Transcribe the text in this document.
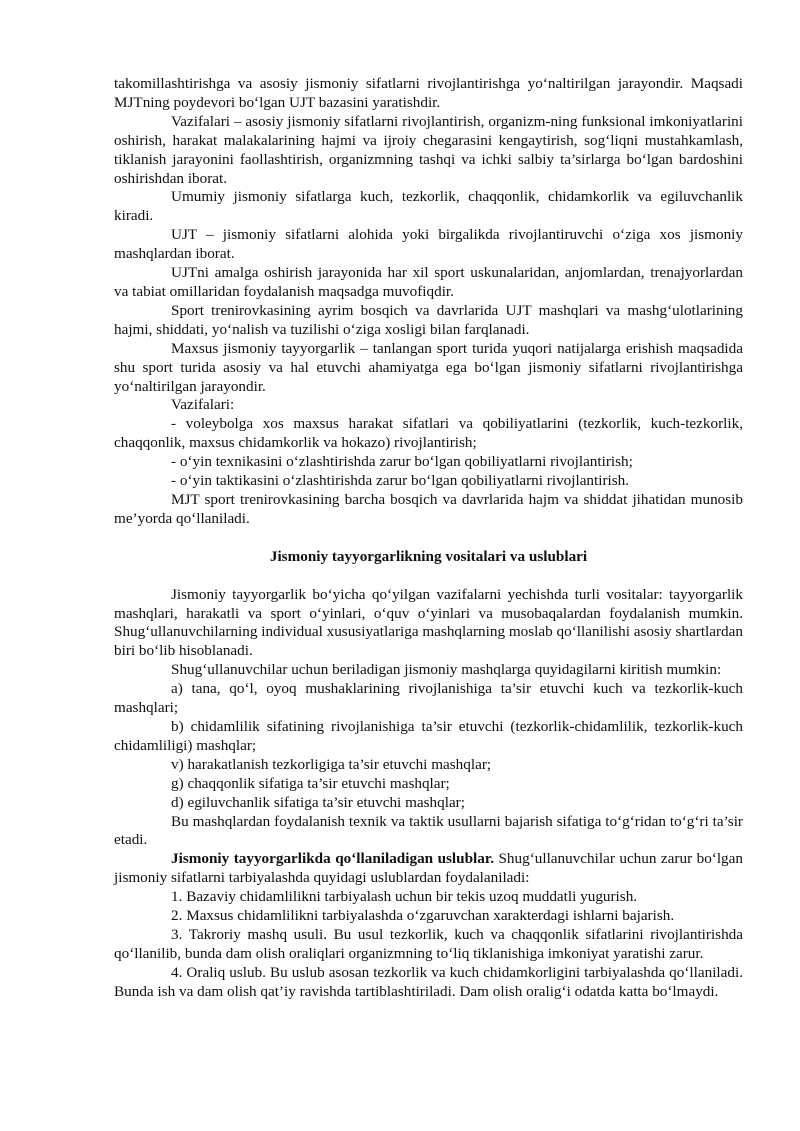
takomillashtirishga va asosiy jismoniy sifatlarni rivojlantirishga yo‘naltirilgan jarayondir. Maqsadi MJTning poydevori bo‘lgan UJT bazasini yaratishdir.

Vazifalari – asosiy jismoniy sifatlarni rivojlantirish, organizm-ning funksional imkoniyatlarini oshirish, harakat malakalarining hajmi va ijroiy chegarasini kengaytirish, sog‘liqni mustahkamlash, tiklanish jarayonini faollashtirish, organizmning tashqi va ichki salbiy ta’sirlarga bo‘lgan bardoshini oshirishdan iborat.

Umumiy jismoniy sifatlarga kuch, tezkorlik, chaqqonlik, chidamkorlik va egiluvchanlik kiradi.

UJT – jismoniy sifatlarni alohida yoki birgalikda rivojlantiruvchi o‘ziga xos jismoniy mashqlardan iborat.

UJTni amalga oshirish jarayonida har xil sport uskunalaridan, anjomlardan, trenajyorlardan va tabiat omillaridan foydalanish maqsadga muvofiqdir.

Sport trenirovkasining ayrim bosqich va davrlarida UJT mashqlari va mashg‘ulotlarining hajmi, shiddati, yo‘nalish va tuzilishi o‘ziga xosligi bilan farqlanadi.

Maxsus jismoniy tayyorgarlik – tanlangan sport turida yuqori natijalarga erishish maqsadida shu sport turida asosiy va hal etuvchi ahamiyatga ega bo‘lgan jismoniy sifatlarni rivojlantirishga yo‘naltirilgan jarayondir.

Vazifalari:

- voleybolga xos maxsus harakat sifatlari va qobiliyatlarini (tezkorlik, kuch-tezkorlik, chaqqonlik, maxsus chidamkorlik va hokazo) rivojlantirish;

- o‘yin texnikasini o‘zlashtirishda zarur bo‘lgan qobiliyatlarni rivojlantirish;

- o‘yin taktikasini o‘zlashtirishda zarur bo‘lgan qobiliyatlarni rivojlantirish.

MJT sport trenirovkasining barcha bosqich va davrlarida hajm va shiddat jihatidan munosib me’yorda qo‘llaniladi.

Jismoniy tayyorgarlikning vositalari va uslublari

Jismoniy tayyorgarlik bo‘yicha qo‘yilgan vazifalarni yechishda turli vositalar: tayyorgarlik mashqlari, harakatli va sport o‘yinlari, o‘quv o‘yinlari va musobaqalardan foydalanish mumkin. Shug‘ullanuvchilarning individual xususiyatlariga mashqlarning moslab qo‘llanilishi asosiy shartlardan biri bo‘lib hisoblanadi.

Shug‘ullanuvchilar uchun beriladigan jismoniy mashqlarga quyidagilarni kiritish mumkin:

a) tana, qo‘l, oyoq mushaklarining rivojlanishiga ta’sir etuvchi kuch va tezkorlik-kuch mashqlari;

b) chidamlilik sifatining rivojlanishiga ta’sir etuvchi (tezkorlik-chidamlilik, tezkorlik-kuch chidamliligi) mashqlar;

v) harakatlanish tezkorligiga ta’sir etuvchi mashqlar;

g) chaqqonlik sifatiga ta’sir etuvchi mashqlar;

d) egiluvchanlik sifatiga ta’sir etuvchi mashqlar;

Bu mashqlardan foydalanish texnik va taktik usullarni bajarish sifatiga to‘g‘ridan to‘g‘ri ta’sir etadi.

Jismoniy tayyorgarlikda qo‘llaniladigan uslublar. Shug‘ullanuvchilar uchun zarur bo‘lgan jismoniy sifatlarni tarbiyalashda quyidagi uslublardan foydalaniladi:

1. Bazaviy chidamlilikni tarbiyalash uchun bir tekis uzoq muddatli yugurish.

2. Maxsus chidamlilikni tarbiyalashda o‘zgaruvchan xarakterdagi ishlarni bajarish.

3. Takroriy mashq usuli. Bu usul tezkorlik, kuch va chaqqonlik sifatlarini rivojlantirishda qo‘llanilib, bunda dam olish oraliqlari organizmning to‘liq tiklanishiga imkoniyat yaratishi zarur.

4. Oraliq uslub. Bu uslub asosan tezkorlik va kuch chidamkorligini tarbiyalashda qo‘llaniladi. Bunda ish va dam olish qat’iy ravishda tartiblashtiriladi. Dam olish oralig‘i odatda katta bo‘lmaydi.
